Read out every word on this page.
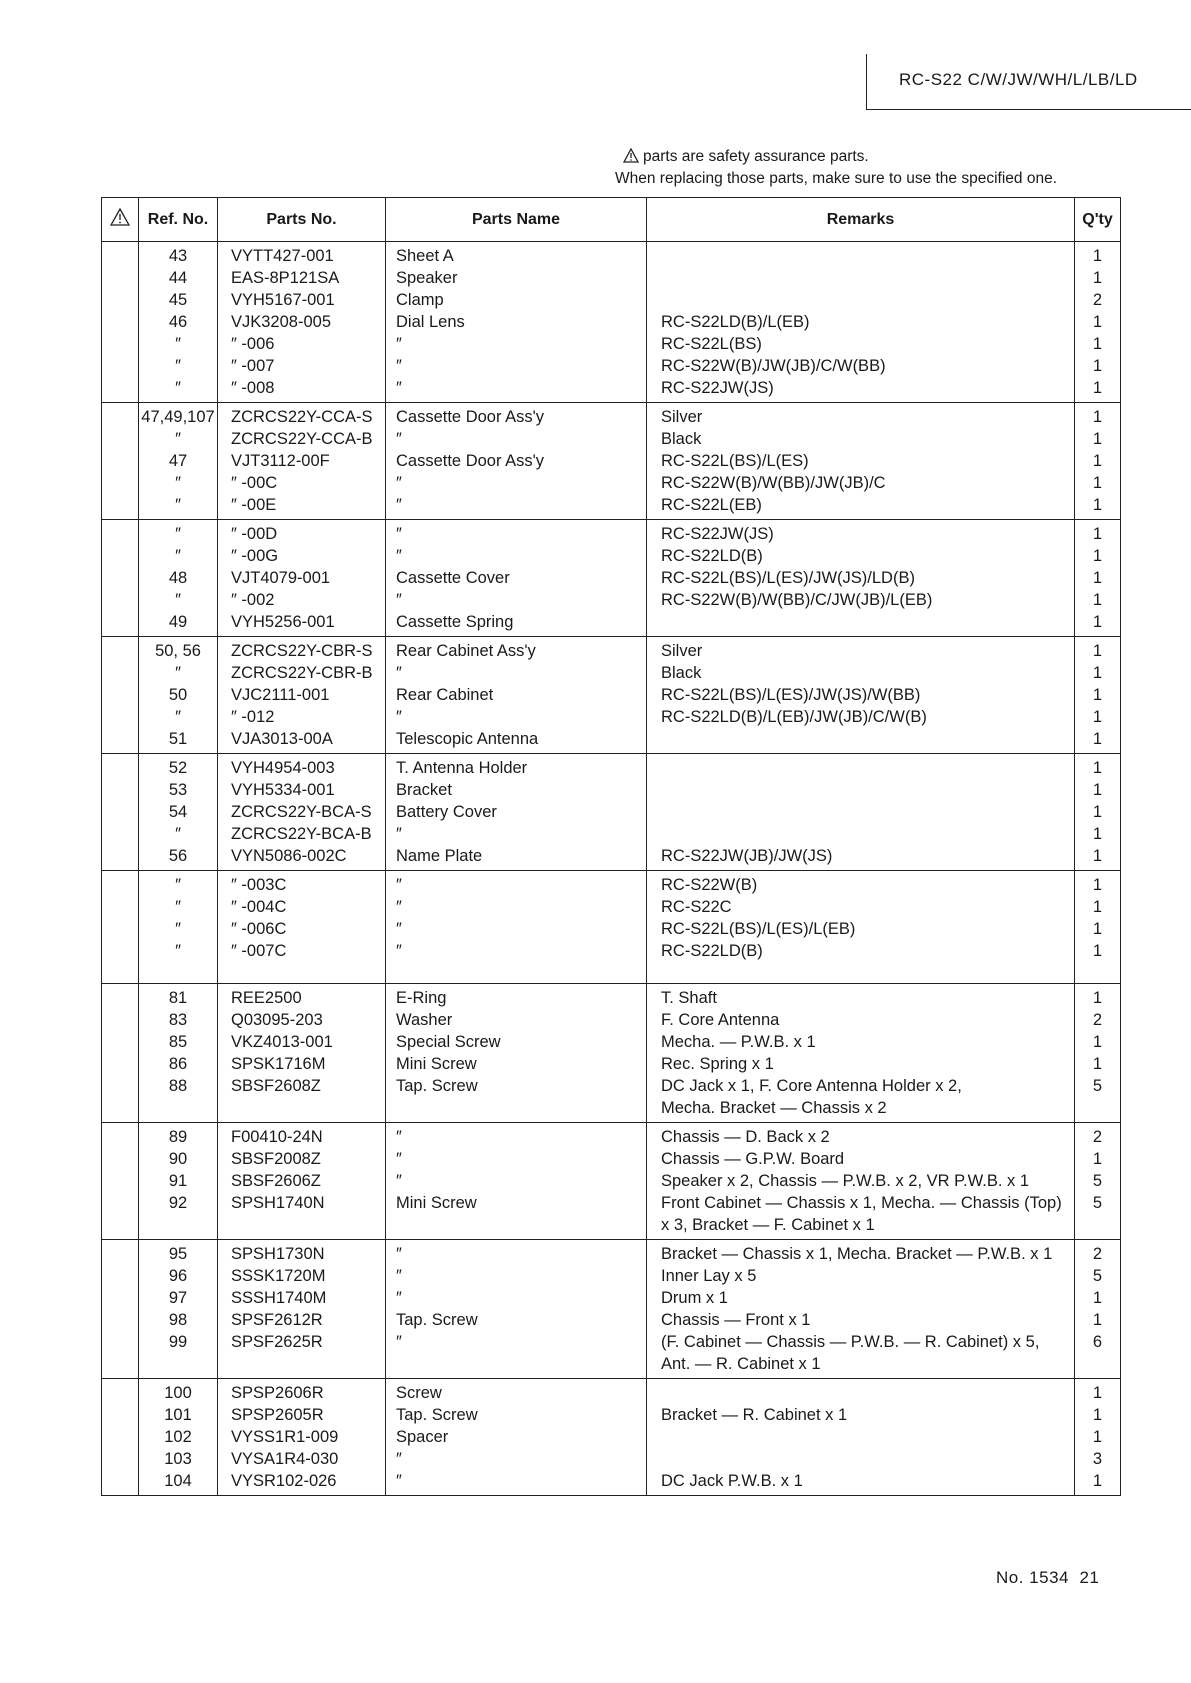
RC-S22 C/W/JW/WH/L/LB/LD
parts are safety assurance parts.
When replacing those parts, make sure to use the specified one.
	Ref. No.	Parts No.	Parts Name	Remarks	Q'ty
	43	VYTT427-001	Sheet A		1
	44	EAS-8P121SA	Speaker		1
	45	VYH5167-001	Clamp		2
	46	VJK3208-005	Dial Lens	RC-S22LD(B)/L(EB)	1
	″	″ -006	″	RC-S22L(BS)	1
	″	″ -007	″	RC-S22W(B)/JW(JB)/C/W(BB)	1
	″	″ -008	″	RC-S22JW(JS)	1
	47,49,107	ZCRCS22Y-CCA-S	Cassette Door Ass'y	Silver	1
	″	ZCRCS22Y-CCA-B	″	Black	1
	47	VJT3112-00F	Cassette Door Ass'y	RC-S22L(BS)/L(ES)	1
	″	″ -00C	″	RC-S22W(B)/W(BB)/JW(JB)/C	1
	″	″ -00E	″	RC-S22L(EB)	1
	″	″ -00D	″	RC-S22JW(JS)	1
	″	″ -00G	″	RC-S22LD(B)	1
	48	VJT4079-001	Cassette Cover	RC-S22L(BS)/L(ES)/JW(JS)/LD(B)	1
	″	″ -002	″	RC-S22W(B)/W(BB)/C/JW(JB)/L(EB)	1
	49	VYH5256-001	Cassette Spring		1
	50, 56	ZCRCS22Y-CBR-S	Rear Cabinet Ass'y	Silver	1
	″	ZCRCS22Y-CBR-B	″	Black	1
	50	VJC2111-001	Rear Cabinet	RC-S22L(BS)/L(ES)/JW(JS)/W(BB)	1
	″	″ -012	″	RC-S22LD(B)/L(EB)/JW(JB)/C/W(B)	1
	51	VJA3013-00A	Telescopic Antenna		1
	52	VYH4954-003	T. Antenna Holder		1
	53	VYH5334-001	Bracket		1
	54	ZCRCS22Y-BCA-S	Battery Cover		1
	″	ZCRCS22Y-BCA-B	″		1
	56	VYN5086-002C	Name Plate	RC-S22JW(JB)/JW(JS)	1
	″	″ -003C	″	RC-S22W(B)	1
	″	″ -004C	″	RC-S22C	1
	″	″ -006C	″	RC-S22L(BS)/L(ES)/L(EB)	1
	″	″ -007C	″	RC-S22LD(B)	1

	81	REE2500	E-Ring	T. Shaft	1
	83	Q03095-203	Washer	F. Core Antenna	2
	85	VKZ4013-001	Special Screw	Mecha. — P.W.B. x 1	1
	86	SPSK1716M	Mini Screw	Rec. Spring x 1	1
	88	SBSF2608Z	Tap. Screw	DC Jack x 1, F. Core Antenna Holder x 2,	5
				Mecha. Bracket — Chassis x 2	
	89	F00410-24N	″	Chassis — D. Back x 2	2
	90	SBSF2008Z	″	Chassis — G.P.W. Board	1
	91	SBSF2606Z	″	Speaker x 2, Chassis — P.W.B. x 2, VR P.W.B. x 1	5
	92	SPSH1740N	Mini Screw	Front Cabinet — Chassis x 1, Mecha. — Chassis (Top)	5
				x 3, Bracket — F. Cabinet x 1	
	95	SPSH1730N	″	Bracket — Chassis x 1, Mecha. Bracket — P.W.B. x 1	2
	96	SSSK1720M	″	Inner Lay x 5	5
	97	SSSH1740M	″	Drum x 1	1
	98	SPSF2612R	Tap. Screw	Chassis — Front x 1	1
	99	SPSF2625R	″	(F. Cabinet — Chassis — P.W.B. — R. Cabinet) x 5,	6
				Ant. — R. Cabinet x 1	
	100	SPSP2606R	Screw		1
	101	SPSP2605R	Tap. Screw	Bracket — R. Cabinet x 1	1
	102	VYSS1R1-009	Spacer		1
	103	VYSA1R4-030	″		3
	104	VYSR102-026	″	DC Jack P.W.B. x 1	1
No. 1534 21
